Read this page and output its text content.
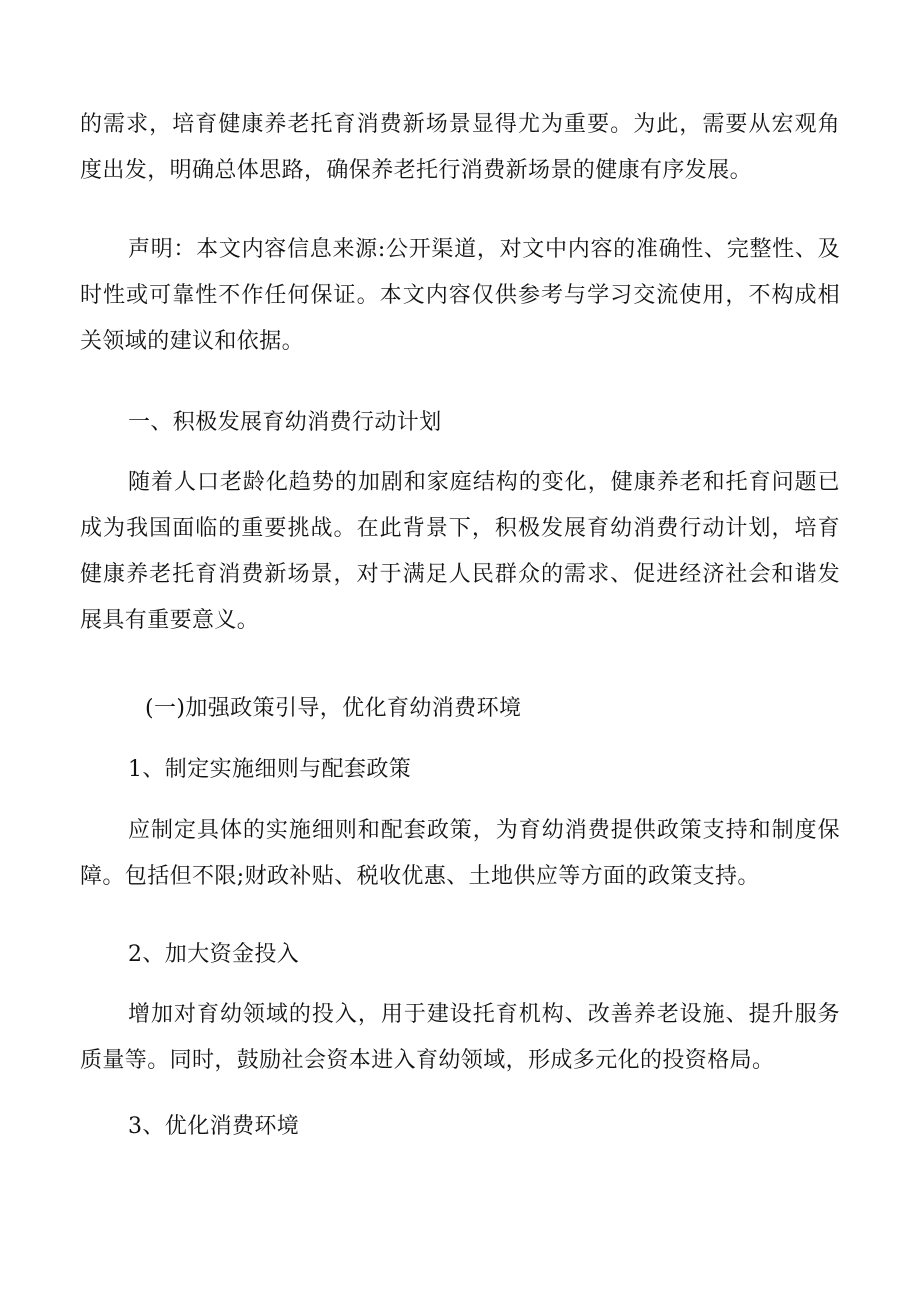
的需求，培育健康养老托育消费新场景显得尤为重要。为此，需要从宏观角度出发，明确总体思路，确保养老托行消费新场景的健康有序发展。

声明：本文内容信息来源:公开渠道，对文中内容的准确性、完整性、及时性或可靠性不作任何保证。本文内容仅供参考与学习交流使用，不构成相关领域的建议和依据。

一、积极发展育幼消费行动计划

随着人口老龄化趋势的加剧和家庭结构的变化，健康养老和托育问题已成为我国面临的重要挑战。在此背景下，积极发展育幼消费行动计划，培育健康养老托育消费新场景，对于满足人民群众的需求、促进经济社会和谐发展具有重要意义。

(一)加强政策引导，优化育幼消费环境

1、制定实施细则与配套政策

应制定具体的实施细则和配套政策，为育幼消费提供政策支持和制度保障。包括但不限;财政补贴、税收优惠、土地供应等方面的政策支持。

2、加大资金投入

增加对育幼领域的投入，用于建设托育机构、改善养老设施、提升服务质量等。同时，鼓励社会资本进入育幼领域，形成多元化的投资格局。

3、优化消费环境
